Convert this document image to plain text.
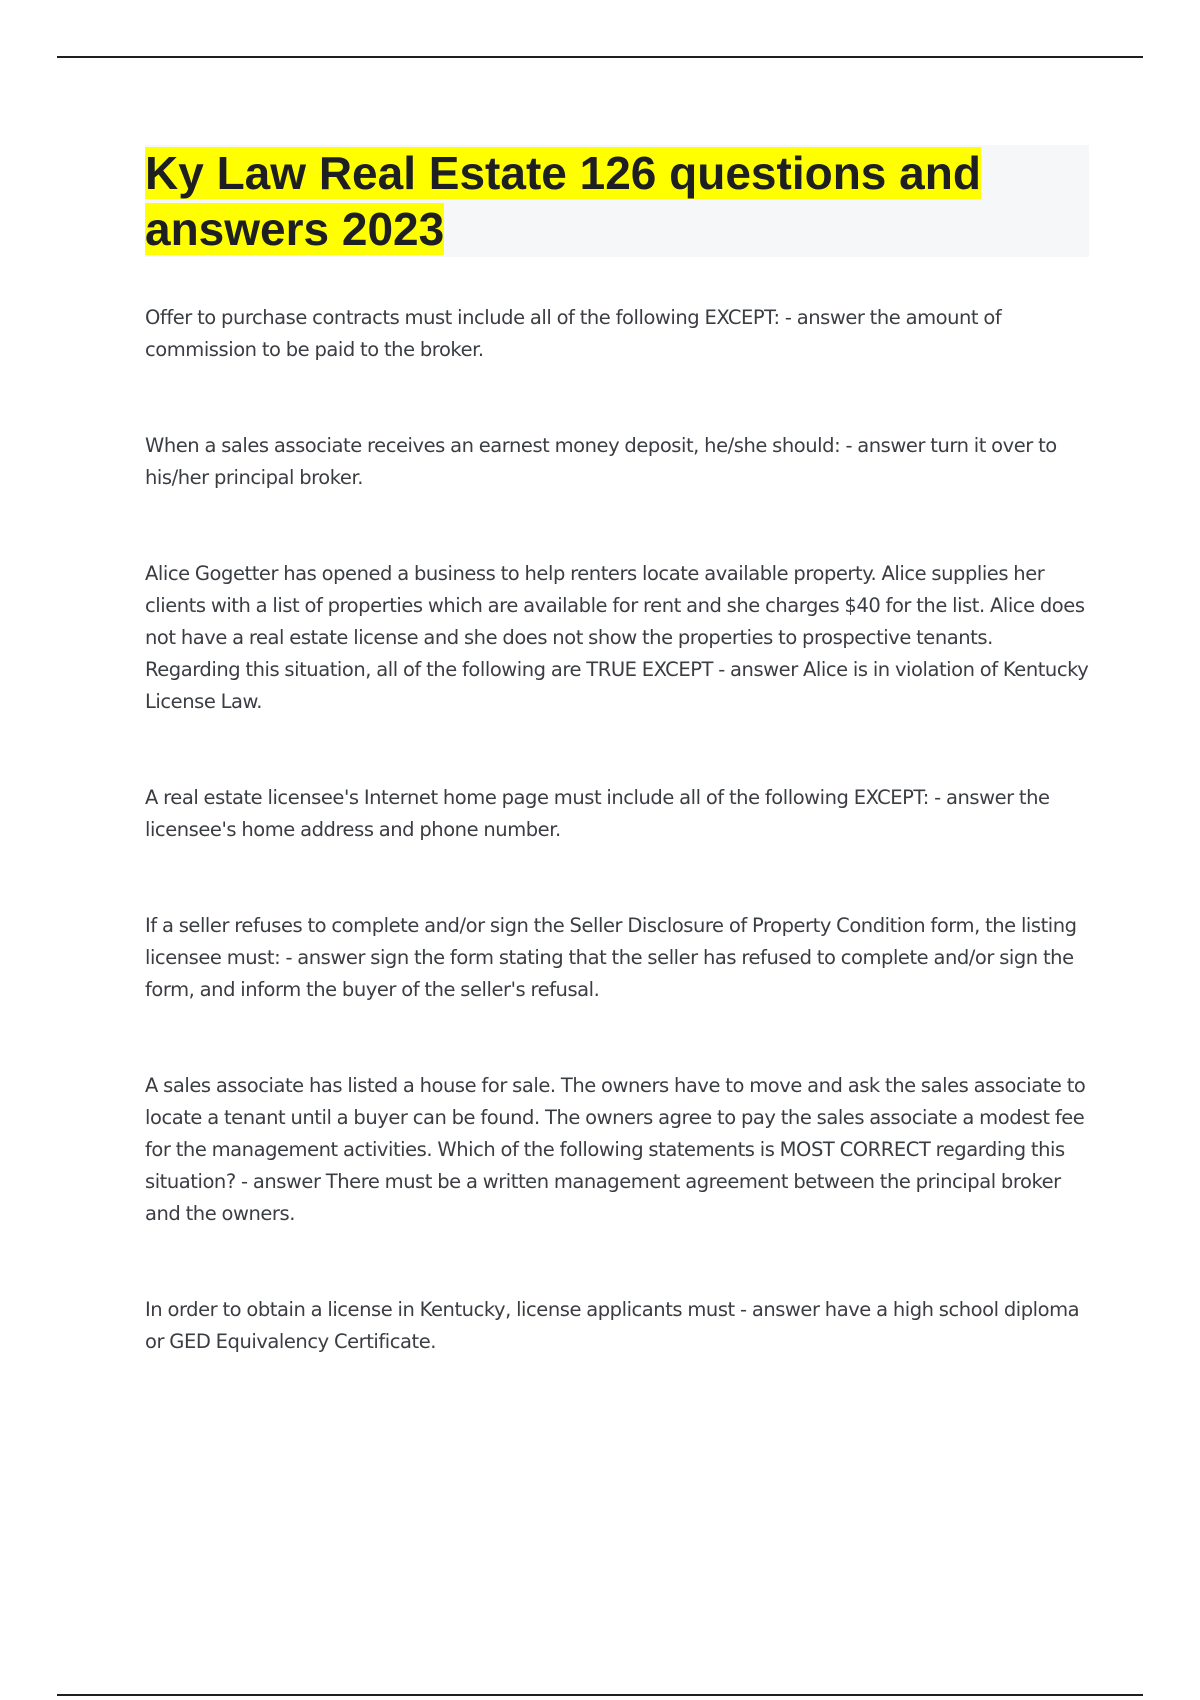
Ky Law Real Estate 126 questions and answers 2023

Offer to purchase contracts must include all of the following EXCEPT: - answer the amount of commission to be paid to the broker.

When a sales associate receives an earnest money deposit, he/she should: - answer turn it over to his/her principal broker.

Alice Gogetter has opened a business to help renters locate available property. Alice supplies her clients with a list of properties which are available for rent and she charges $40 for the list. Alice does not have a real estate license and she does not show the properties to prospective tenants. Regarding this situation, all of the following are TRUE EXCEPT - answer Alice is in violation of Kentucky License Law.

A real estate licensee's Internet home page must include all of the following EXCEPT: - answer the licensee's home address and phone number.

If a seller refuses to complete and/or sign the Seller Disclosure of Property Condition form, the listing licensee must: - answer sign the form stating that the seller has refused to complete and/or sign the form, and inform the buyer of the seller's refusal.

A sales associate has listed a house for sale. The owners have to move and ask the sales associate to locate a tenant until a buyer can be found. The owners agree to pay the sales associate a modest fee for the management activities. Which of the following statements is MOST CORRECT regarding this situation? - answer There must be a written management agreement between the principal broker and the owners.

In order to obtain a license in Kentucky, license applicants must - answer have a high school diploma or GED Equivalency Certificate.
